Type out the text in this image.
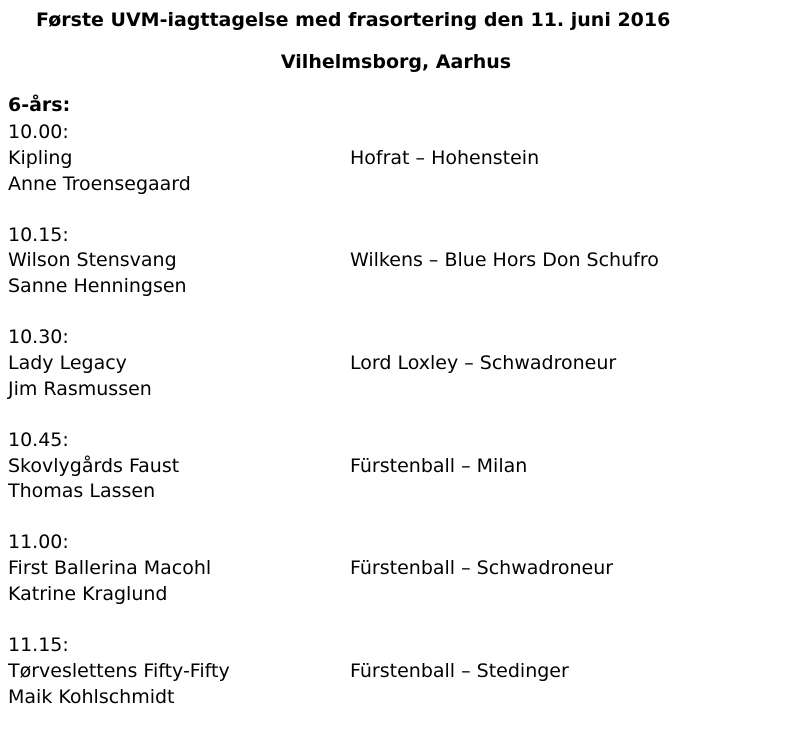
Første UVM-iagttagelse med frasortering den 11. juni 2016
Vilhelmsborg, Aarhus
6-års:
10.00:
Kipling
Anne Troensegaard
Hofrat – Hohenstein
10.15:
Wilson Stensvang
Sanne Henningsen
Wilkens – Blue Hors Don Schufro
10.30:
Lady Legacy
Jim Rasmussen
Lord Loxley – Schwadroneur
10.45:
Skovlygårds Faust
Thomas Lassen
Fürstenball – Milan
11.00:
First Ballerina Macohl
Katrine Kraglund
Fürstenball – Schwadroneur
11.15:
Tørveslettens Fifty-Fifty
Maik Kohlschmidt
Fürstenball – Stedinger
